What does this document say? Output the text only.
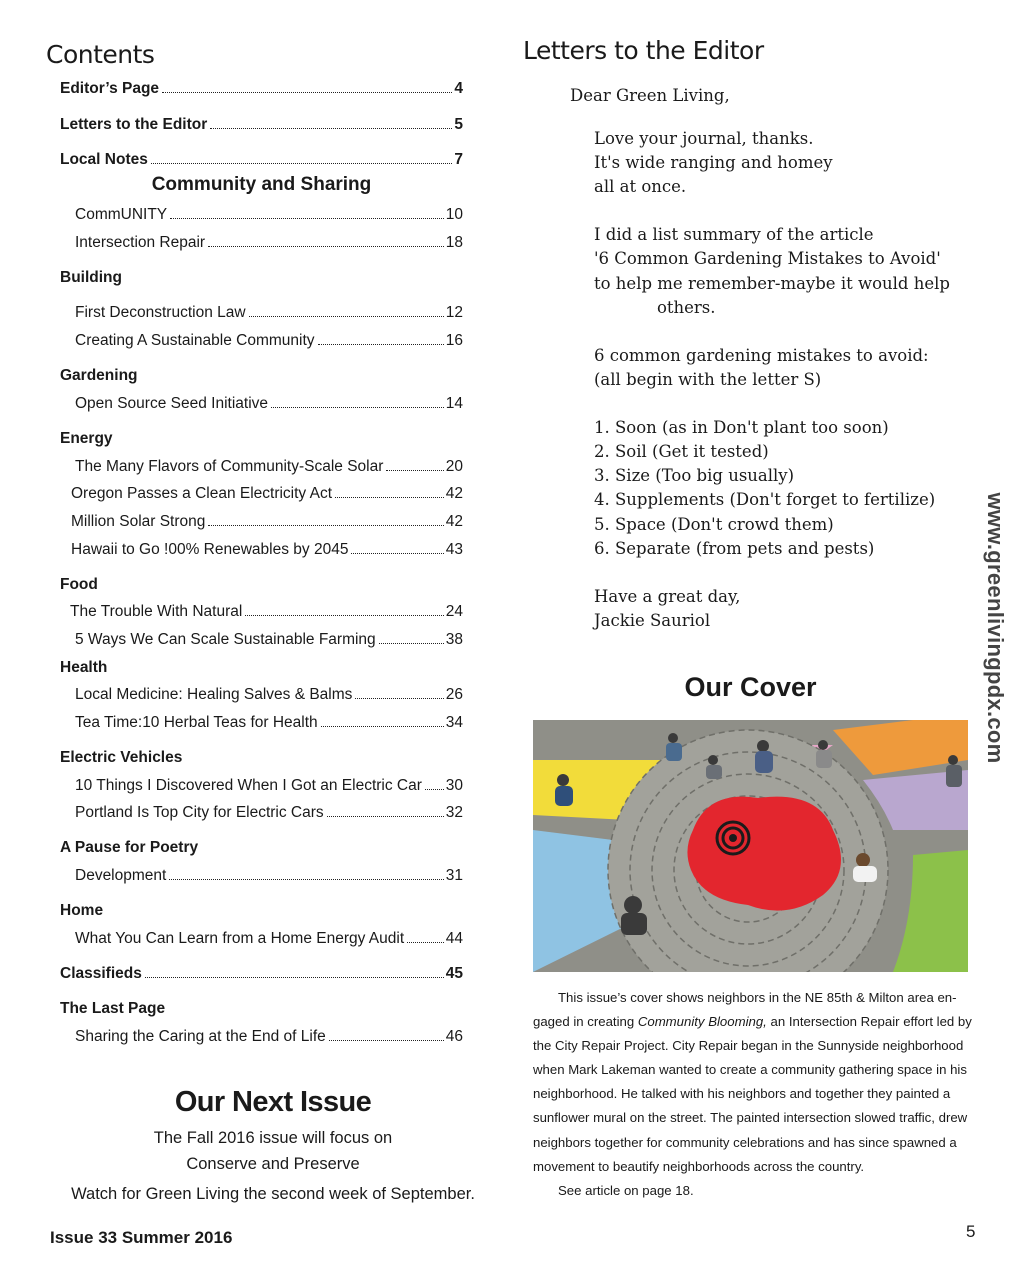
Contents
Editor’s Page	4
Letters to the Editor	5
Local Notes	7
Community and Sharing
CommUNITY	10
Intersection Repair	18
Building
First Deconstruction Law	12
Creating A Sustainable Community	16
Gardening
Open Source Seed Initiative	14
Energy
The Many Flavors of Community-Scale Solar	20
Oregon Passes a Clean Electricity Act	42
Million Solar Strong	42
Hawaii to Go !00% Renewables by 2045	43
Food
The Trouble With Natural	24
5 Ways We Can Scale Sustainable Farming	38
Health
Local Medicine: Healing Salves & Balms	26
Tea Time:10 Herbal Teas for Health	34
Electric Vehicles
10 Things I Discovered When I Got an Electric Car 30
Portland Is Top City for Electric Cars	32
A Pause for Poetry
Development	31
Home
What You Can Learn from a Home Energy Audit	44
Classifieds	45
The Last Page
Sharing the Caring at the End of Life	46
Our Next Issue
The Fall 2016 issue will focus on
Conserve and Preserve
Watch for Green Living the second week of September.
Issue 33 Summer 2016	5
Letters to the Editor
Dear Green Living,
Love your journal, thanks.
It's wide ranging and homey
all at once.

I did a list summary of the article
'6 Common Gardening Mistakes to Avoid'
to help me remember-maybe it would help
others.

6 common gardening mistakes to avoid:
(all begin with the letter S)

1. Soon (as in Don't plant too soon)
2. Soil (Get it tested)
3. Size (Too big usually)
4. Supplements (Don't forget to fertilize)
5. Space (Don't crowd them)
6. Separate (from pets and pests)

Have a great day,
Jackie Sauriol	www.greenlivingpdx.com
Our Cover

This issue’s cover shows neighbors in the NE 85th & Milton area en-gaged in creating Community Blooming, an Intersection Repair effort led by the City Repair Project. City Repair began in the Sunnyside neighborhood when Mark Lakeman wanted to create a community gathering space in his neighborhood. He talked with his neighbors and together they painted a sunflower mural on the street. The painted intersection slowed traffic, drew neighbors together for community celebrations and has since spawned a movement to beautify neighborhoods across the country.

See article on page 18.
